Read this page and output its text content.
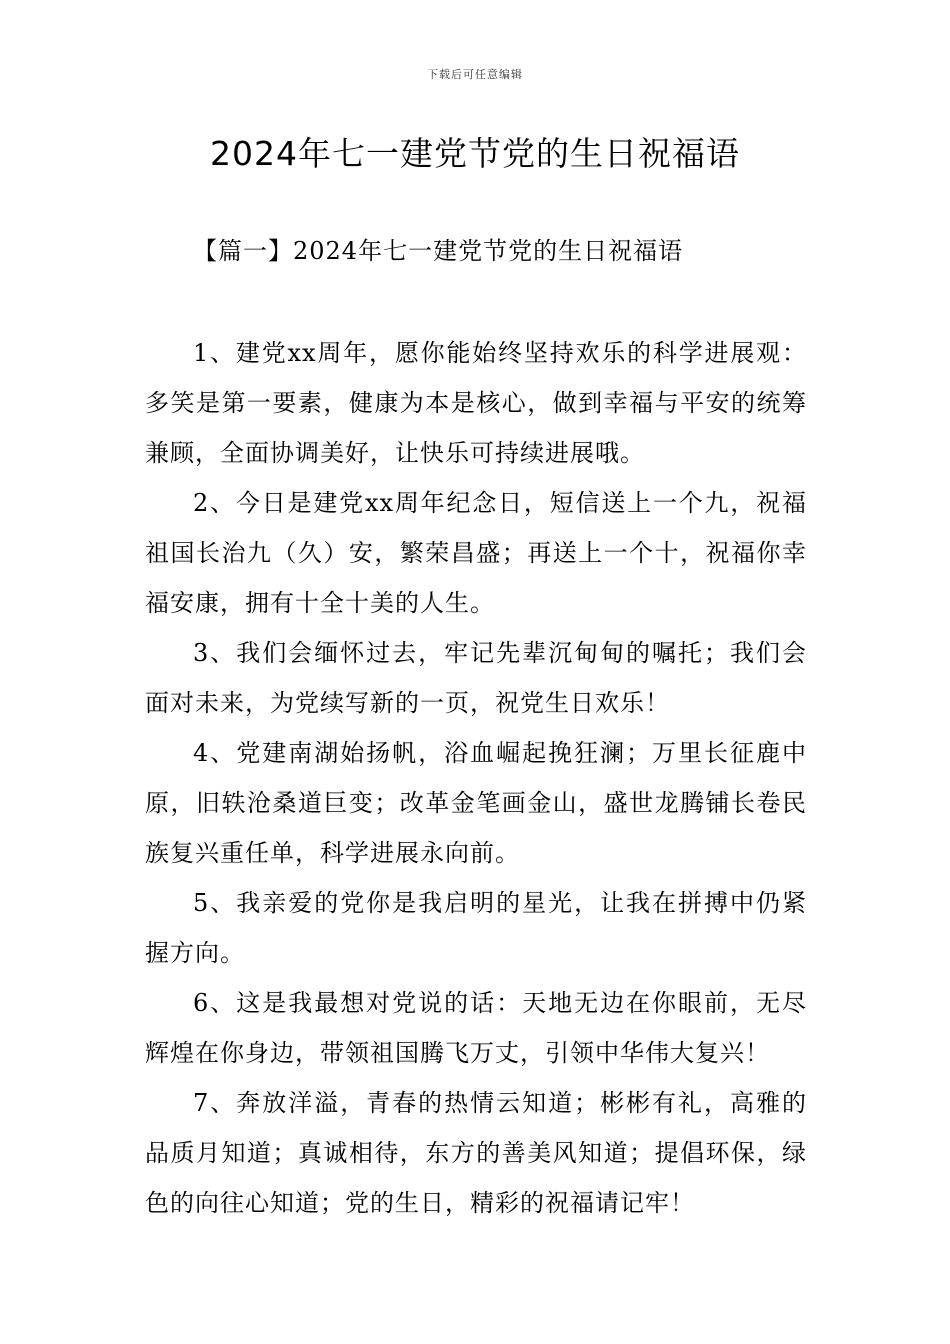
下载后可任意编辑
2024年七一建党节党的生日祝福语
【篇一】2024年七一建党节党的生日祝福语

1、建党xx周年，愿你能始终坚持欢乐的科学进展观：多笑是第一要素，健康为本是核心，做到幸福与平安的统筹兼顾，全面协调美好，让快乐可持续进展哦。

2、今日是建党xx周年纪念日，短信送上一个九，祝福祖国长治九（久）安，繁荣昌盛；再送上一个十，祝福你幸福安康，拥有十全十美的人生。

3、我们会缅怀过去，牢记先辈沉甸甸的嘱托；我们会面对未来，为党续写新的一页，祝党生日欢乐！

4、党建南湖始扬帆，浴血崛起挽狂澜；万里长征鹿中原，旧轶沧桑道巨变；改革金笔画金山，盛世龙腾铺长卷民族复兴重任单，科学进展永向前。

5、我亲爱的党你是我启明的星光，让我在拼搏中仍紧握方向。

6、这是我最想对党说的话：天地无边在你眼前，无尽辉煌在你身边，带领祖国腾飞万丈，引领中华伟大复兴！

7、奔放洋溢，青春的热情云知道；彬彬有礼，高雅的品质月知道；真诚相待，东方的善美风知道；提倡环保，绿色的向往心知道；党的生日，精彩的祝福请记牢！
